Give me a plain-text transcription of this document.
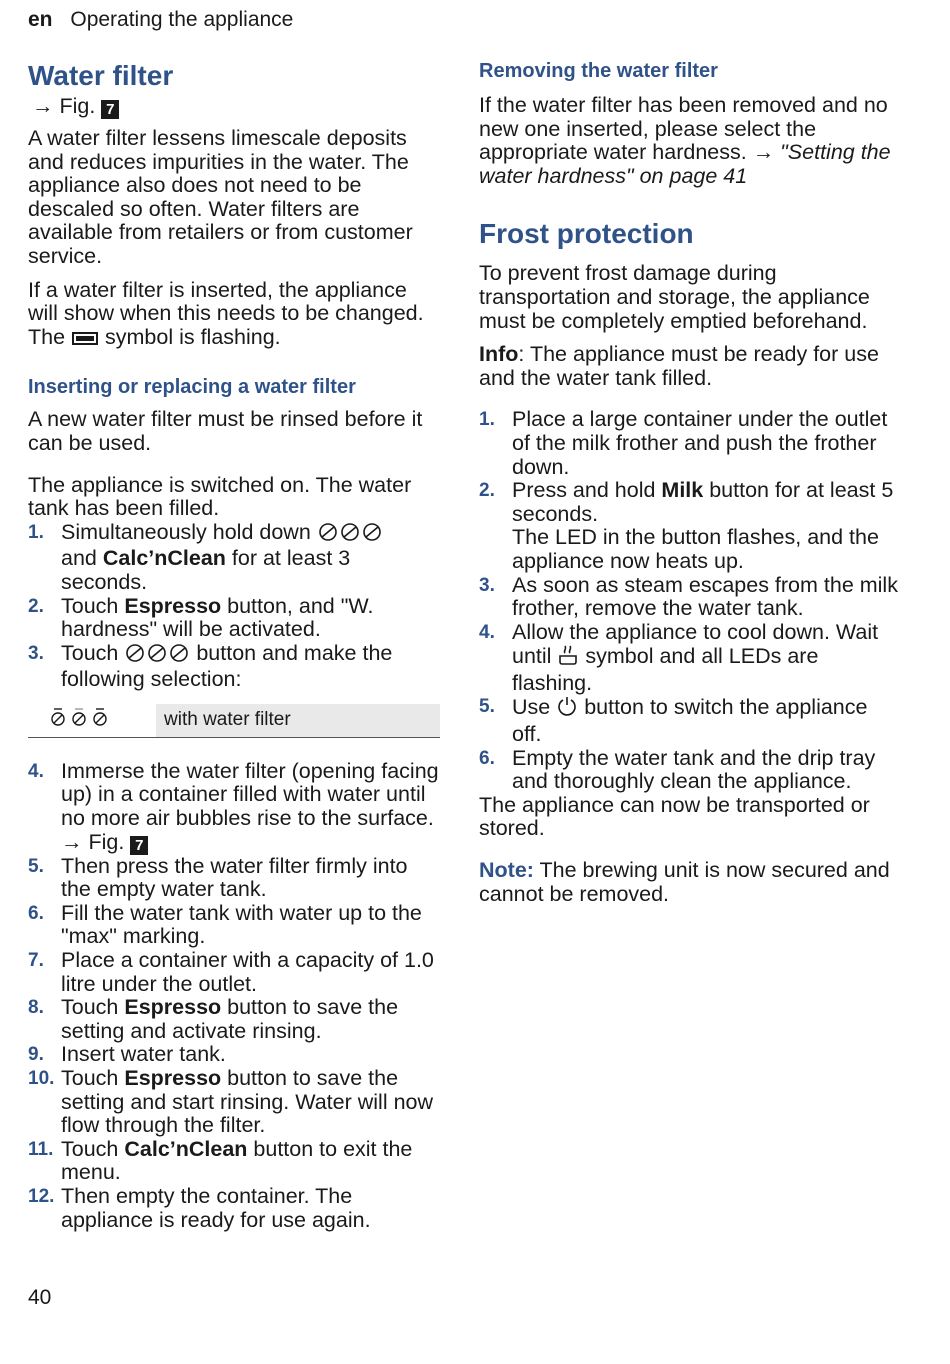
en Operating the appliance
Water filter
→ Fig. 7

A water filter lessens limescale deposits and reduces impurities in the water. The appliance also does not need to be descaled so often. Water filters are available from retailers or from customer service.

If a water filter is inserted, the appliance will show when this needs to be changed. The  symbol is flashing.

Inserting or replacing a water filter

A new water filter must be rinsed before it can be used.

The appliance is switched on. The water tank has been filled.

1. Simultaneously hold down
and Calc’nClean for at least 3 seconds.
2. Touch Espresso button, and "W. hardness" will be activated.
3. Touch	button and make the following selection:
	with water filter
4. Immerse the water filter (opening facing up) in a container filled with water until no more air bubbles rise to the surface.
→ Fig. 7
5. Then press the water filter firmly into the empty water tank.
6. Fill the water tank with water up to the "max" marking.
7. Place a container with a capacity of 1.0 litre under the outlet.
8. Touch Espresso button to save the setting and activate rinsing.
9. Insert water tank.
10. Touch Espresso button to save the setting and start rinsing. Water will now flow through the filter.
11. Touch Calc’nClean button to exit the menu.
12. Then empty the container. The appliance is ready for use again.
Removing the water filter

If the water filter has been removed and no new one inserted, please select the appropriate water hardness. → "Setting the water hardness" on page 41

Frost protection

To prevent frost damage during transportation and storage, the appliance must be completely emptied beforehand.

Info: The appliance must be ready for use and the water tank filled.

1. Place a large container under the outlet of the milk frother and push the frother down.
2. Press and hold Milk button for at least 5 seconds.
The LED in the button flashes, and the appliance now heats up.
3. As soon as steam escapes from the milk frother, remove the water tank.
4. Allow the appliance to cool down. Wait until  symbol and all LEDs are flashing.
5. Use  button to switch the appliance off.
6. Empty the water tank and the drip tray and thoroughly clean the appliance.

The appliance can now be transported or stored.

Note: The brewing unit is now secured and cannot be removed.

40
